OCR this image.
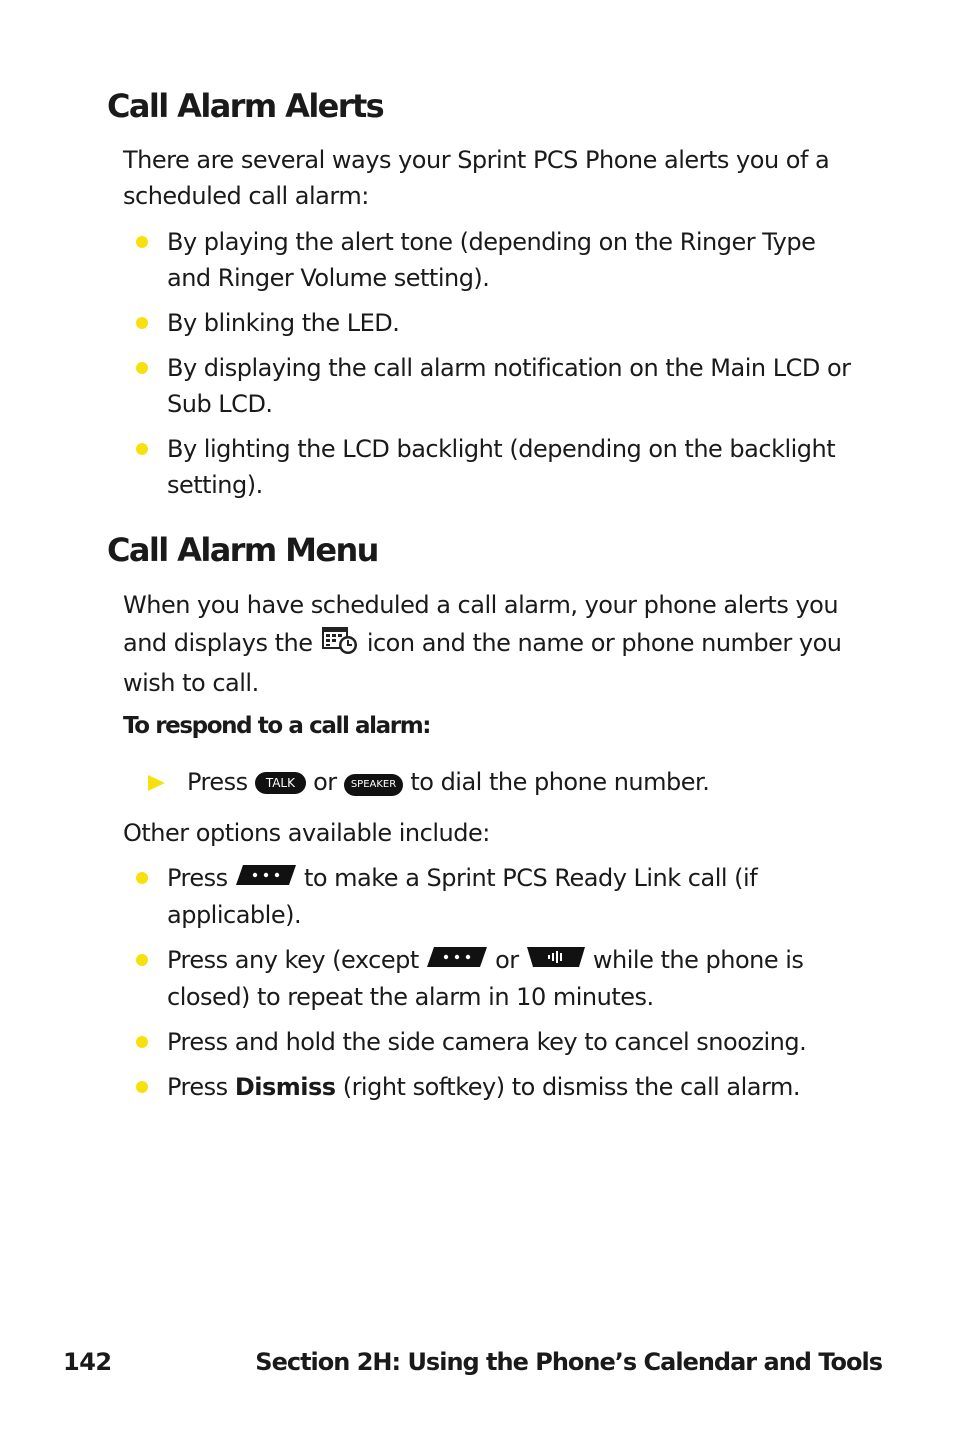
Call Alarm Alerts

There are several ways your Sprint PCS Phone alerts you of a scheduled call alarm:

By playing the alert tone (depending on the Ringer Type and Ringer Volume setting).
By blinking the LED.
By displaying the call alarm notification on the Main LCD or Sub LCD.
By lighting the LCD backlight (depending on the backlight setting).
Call Alarm Menu

When you have scheduled a call alarm, your phone alerts you and displays the icon and the name or phone number you wish to call.

To respond to a call alarm:

Press TALK or SPEAKER to dial the phone number.

Other options available include:

Press	to make a Sprint PCS Ready Link call (if applicable).
Press any key (except	or	while the phone is closed) to repeat the alarm in 10 minutes.
Press and hold the side camera key to cancel snoozing.
Press Dismiss (right softkey) to dismiss the call alarm.
142	Section 2H: Using the Phone’s Calendar and Tools
